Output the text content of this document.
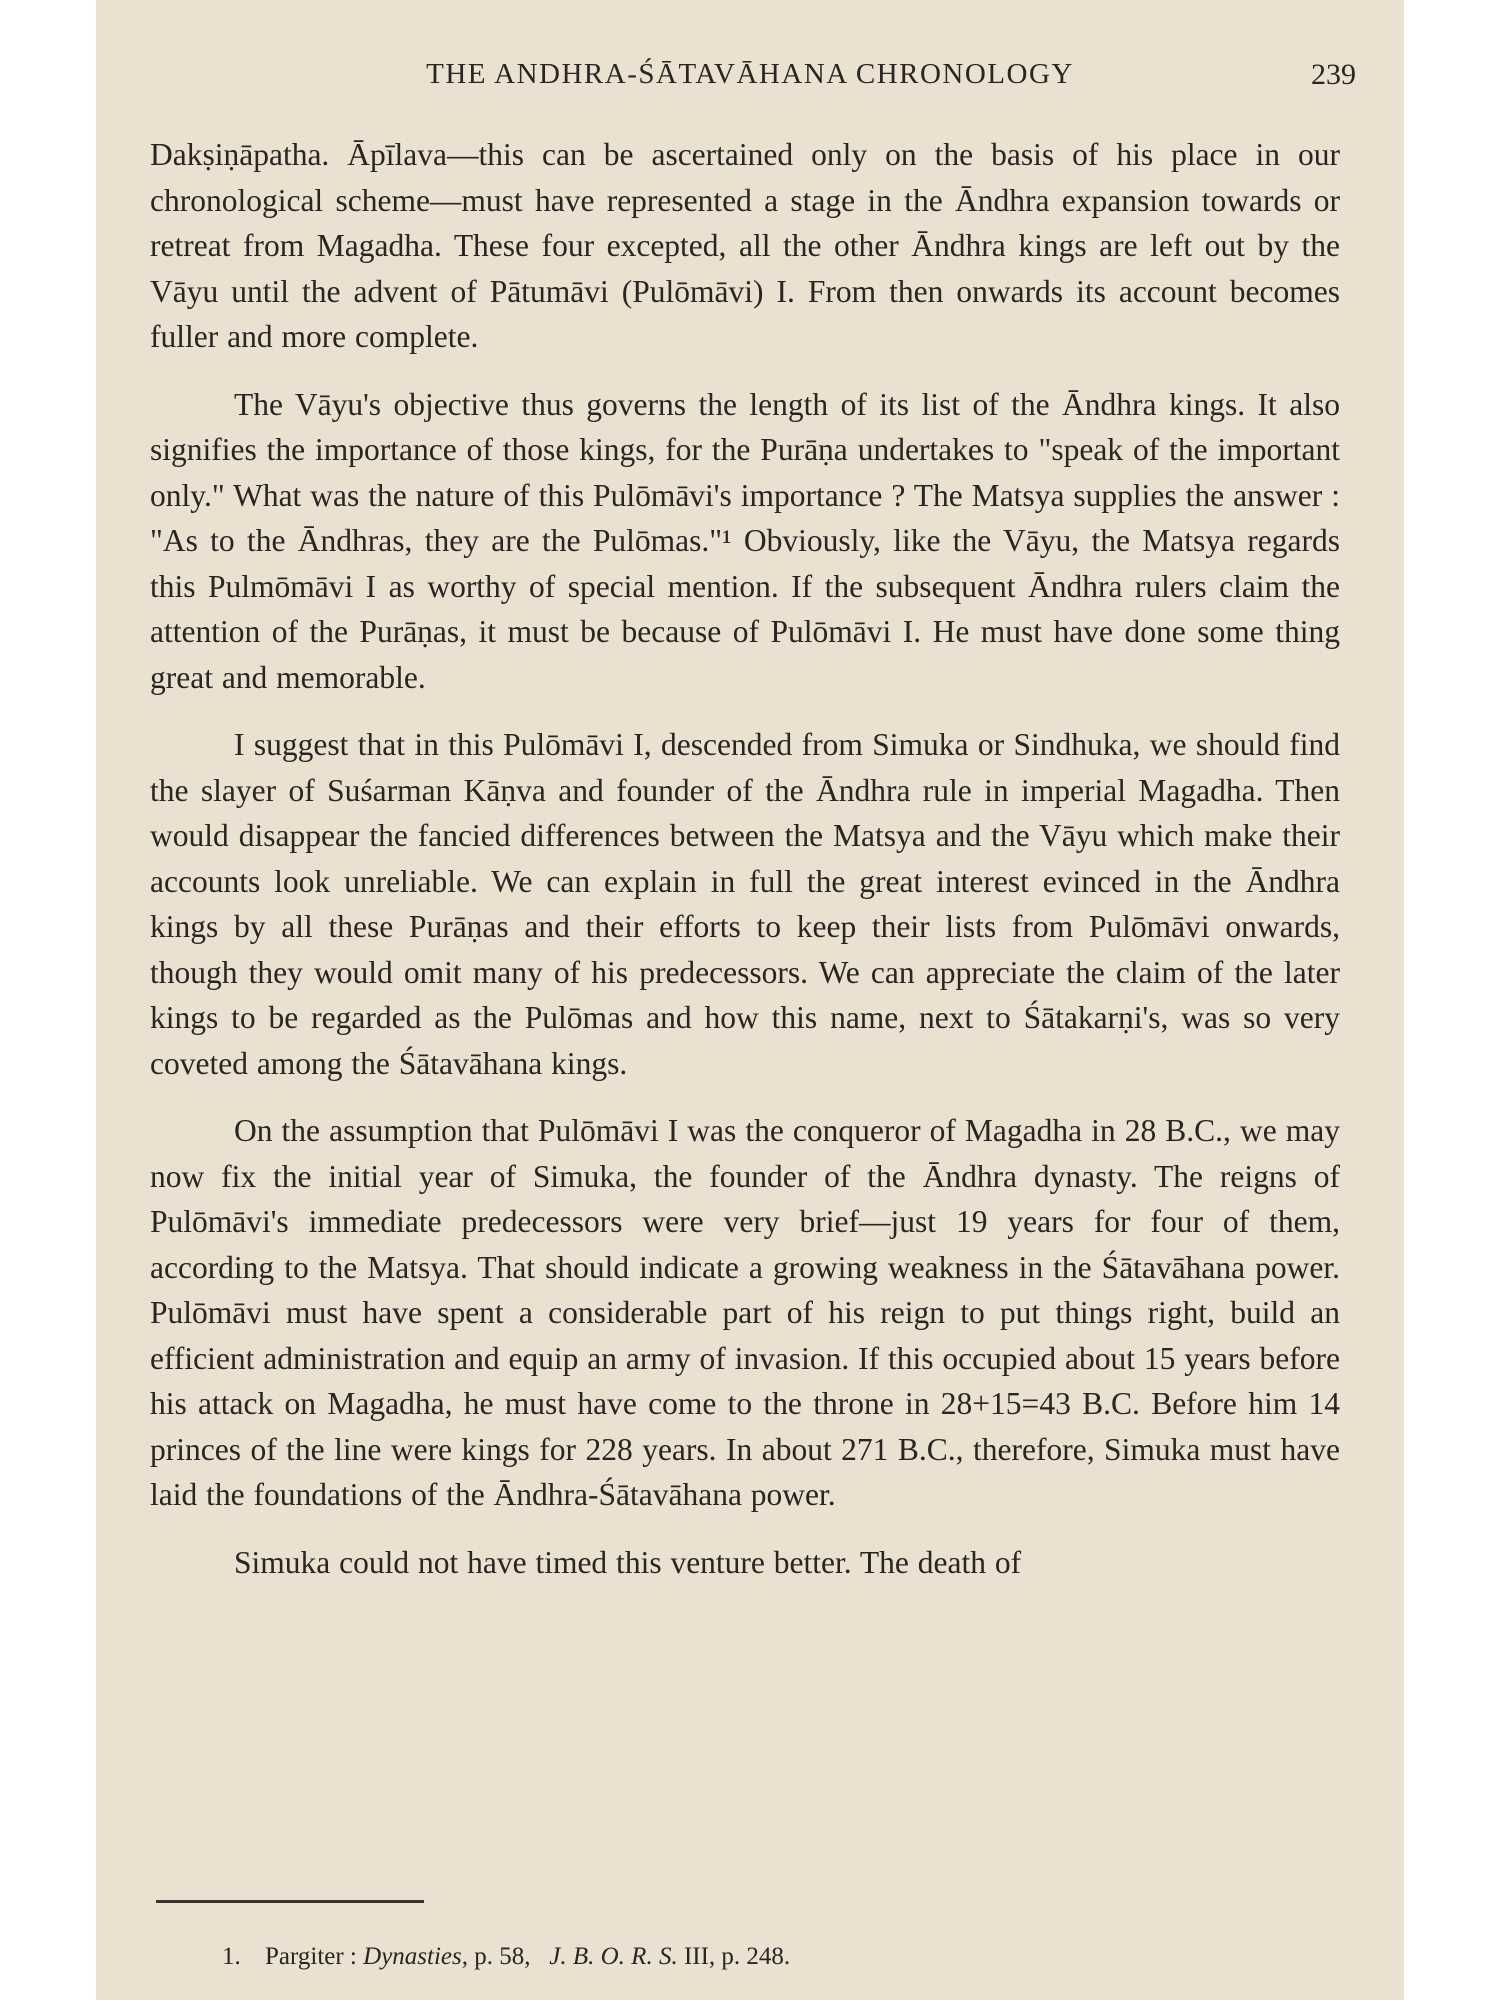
THE ANDHRA-ŚĀTAVĀHANA CHRONOLOGY	239

Dakṣiṇāpatha. Āpīlava—this can be ascertained only on the basis of his place in our chronological scheme—must have represented a stage in the Āndhra expansion towards or retreat from Magadha. These four excepted, all the other Āndhra kings are left out by the Vāyu until the advent of Pātumāvi (Pulōmāvi) I. From then onwards its account becomes fuller and more complete.

The Vāyu's objective thus governs the length of its list of the Āndhra kings. It also signifies the importance of those kings, for the Purāṇa undertakes to "speak of the important only." What was the nature of this Pulōmāvi's importance ? The Matsya supplies the answer : "As to the Āndhras, they are the Pulōmas."¹ Obviously, like the Vāyu, the Matsya regards this Pulmōmāvi I as worthy of special mention. If the subsequent Āndhra rulers claim the attention of the Purāṇas, it must be because of Pulōmāvi I. He must have done some thing great and memorable.

I suggest that in this Pulōmāvi I, descended from Simuka or Sindhuka, we should find the slayer of Suśarman Kāṇva and founder of the Āndhra rule in imperial Magadha. Then would disappear the fancied differences between the Matsya and the Vāyu which make their accounts look unreliable. We can explain in full the great interest evinced in the Āndhra kings by all these Purāṇas and their efforts to keep their lists from Pulōmāvi onwards, though they would omit many of his predecessors. We can appreciate the claim of the later kings to be regarded as the Pulōmas and how this name, next to Śātakarṇi's, was so very coveted among the Śātavāhana kings.

On the assumption that Pulōmāvi I was the conqueror of Magadha in 28 B.C., we may now fix the initial year of Simuka, the founder of the Āndhra dynasty. The reigns of Pulōmāvi's immediate predecessors were very brief—just 19 years for four of them, according to the Matsya. That should indicate a growing weakness in the Śātavāhana power. Pulōmāvi must have spent a considerable part of his reign to put things right, build an efficient administration and equip an army of invasion. If this occupied about 15 years before his attack on Magadha, he must have come to the throne in 28+15=43 B.C. Before him 14 princes of the line were kings for 228 years. In about 271 B.C., therefore, Simuka must have laid the foundations of the Āndhra-Śātavāhana power.

Simuka could not have timed this venture better. The death of

1. Pargiter : Dynasties, p. 58, J. B. O. R. S. III, p. 248.
